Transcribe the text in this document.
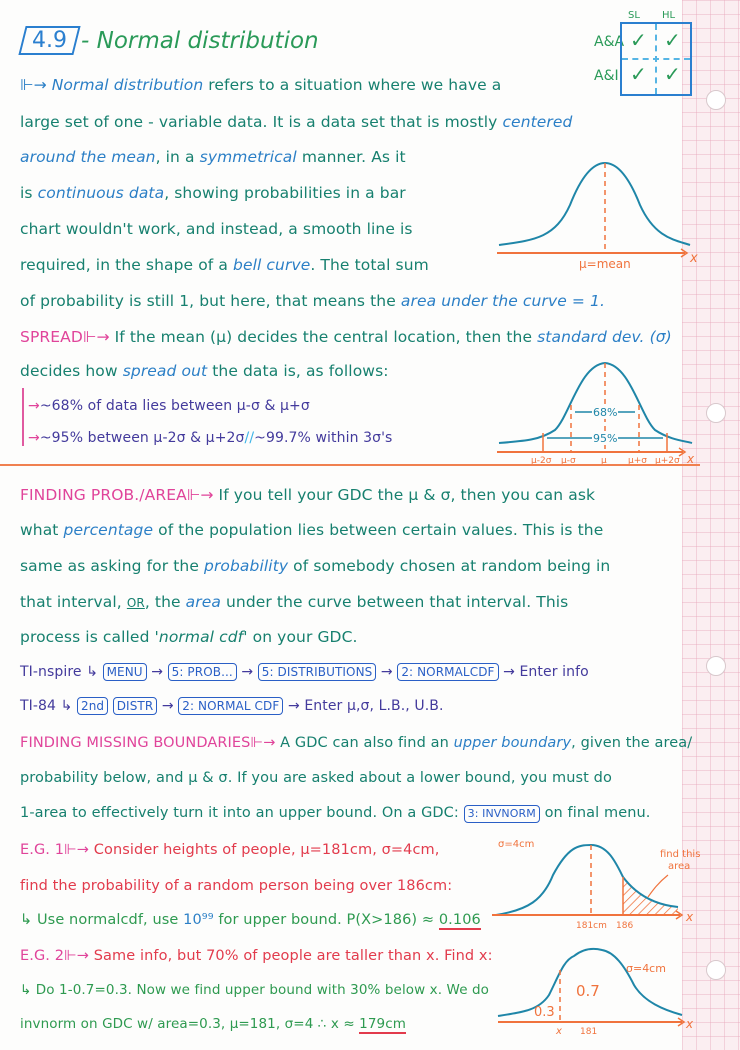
4.9 - Normal distribution
SL HL
A&A
A&I
✓ ✓
✓ ✓
⊩→ Normal distribution refers to a situation where we have a
large set of one - variable data. It is a data set that is mostly centered
around the mean, in a symmetrical manner. As it
is continuous data, showing probabilities in a bar
chart wouldn't work, and instead, a smooth line is
required, in the shape of a bell curve. The total sum
of probability is still 1, but here, that means the area under the curve = 1.
μ=mean	x
SPREAD⊩→ If the mean (μ) decides the central location, then the standard dev. (σ)
decides how spread out the data is, as follows:
→~68% of data lies between μ-σ & μ+σ
→~95% between μ-2σ & μ+2σ//~99.7% within 3σ's
68%
95%
μ-2σ μ-σ	μ μ+σ μ+2σ x
FINDING PROB./AREA⊩→ If you tell your GDC the μ & σ, then you can ask
what percentage of the population lies between certain values. This is the
same as asking for the probability of somebody chosen at random being in
that interval, OR, the area under the curve between that interval. This
process is called 'normal cdf' on your GDC.
TI-nspire ↳ MENU → 5: PROB... → 5: DISTRIBUTIONS → 2: NORMALCDF → Enter info
TI-84 ↳ 2nd DISTR → 2: NORMAL CDF → Enter μ,σ, L.B., U.B.
FINDING MISSING BOUNDARIES⊩→ A GDC can also find an upper boundary, given the area/
probability below, and μ & σ. If you are asked about a lower bound, you must do
1-area to effectively turn it into an upper bound. On a GDC: 3: INVNORM on final menu.
E.G. 1⊩→ Consider heights of people, μ=181cm, σ=4cm,
find the probability of a random person being over 186cm:
↳ Use normalcdf, use 10⁹⁹ for upper bound. P(X>186) ≈ 0.106
σ=4cm
181cm 186
x
find this
area
E.G. 2⊩→ Same info, but 70% of people are taller than x. Find x:
↳ Do 1-0.7=0.3. Now we find upper bound with 30% below x. We do
invnorm on GDC w/ area=0.3, μ=181, σ=4 ∴ x ≈ 179cm
0.3
0.7
σ=4cm
x 181
x
